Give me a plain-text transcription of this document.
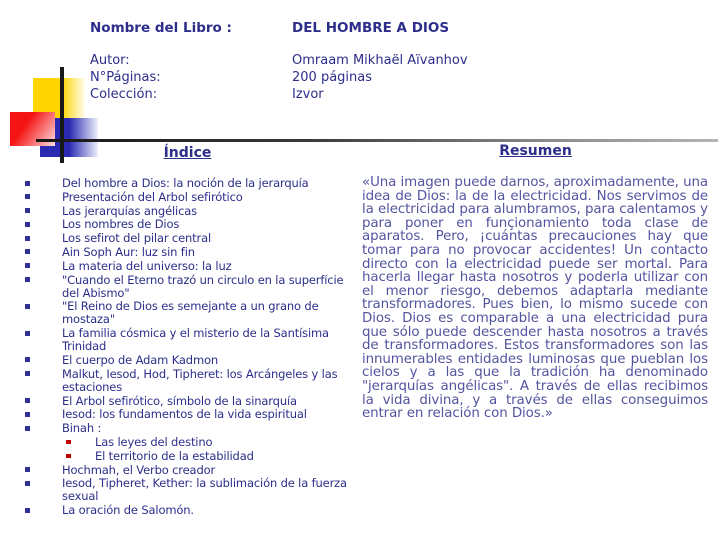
Nombre del Libro :	DEL HOMBRE A DIOS
Autor:	Omraam Mikhaël Aïvanhov
N°Páginas:	200 páginas
Colección:	Izvor
Índice	Resumen
Del hombre a Dios: la noción de la jerarquía
Presentación del Arbol sefirótico
Las jerarquías angélicas
Los nombres de Dios
Los sefirot del pilar central
Ain Soph Aur: luz sin fin
La materia del universo: la luz
"Cuando el Eterno trazó un circulo en la superfície del Abismo"
"El Reino de Dios es semejante a un grano de mostaza"
La familia cósmica y el misterio de la Santísima Trinidad
El cuerpo de Adam Kadmon
Malkut, Iesod, Hod, Tipheret: los Arcángeles y las estaciones
El Arbol sefirótico, símbolo de la sinarquía
Iesod: los fundamentos de la vida espiritual
Binah :
Las leyes del destino
El territorio de la estabilidad
Hochmah, el Verbo creador
Iesod, Tipheret, Kether: la sublimación de la fuerza sexual
La oración de Salomón.
«Una imagen puede darnos, aproximadamente, una idea de Dios: la de la electricidad. Nos servimos de la electricidad para alumbramos, para calentamos y para poner en funçionamiento toda clase de aparatos. Pero, ¡cuántas precauciones hay que tomar para no provocar accidentes! Un contacto directo con la electricidad puede ser mortal. Para hacerla llegar hasta nosotros y poderla utilizar con el menor riesgo, debemos adaptarla mediante transformadores. Pues bien, lo mismo sucede con Dios. Dios es comparable a una electricidad pura que sólo puede descender hasta nosotros a través de transformadores. Estos transformadores son las innumerables entidades luminosas que pueblan los cielos y a las que la tradición ha denominado "jerarquías angélicas". A través de ellas recibimos la vida divina, y a través de ellas conseguimos entrar en relación con Dios.»
